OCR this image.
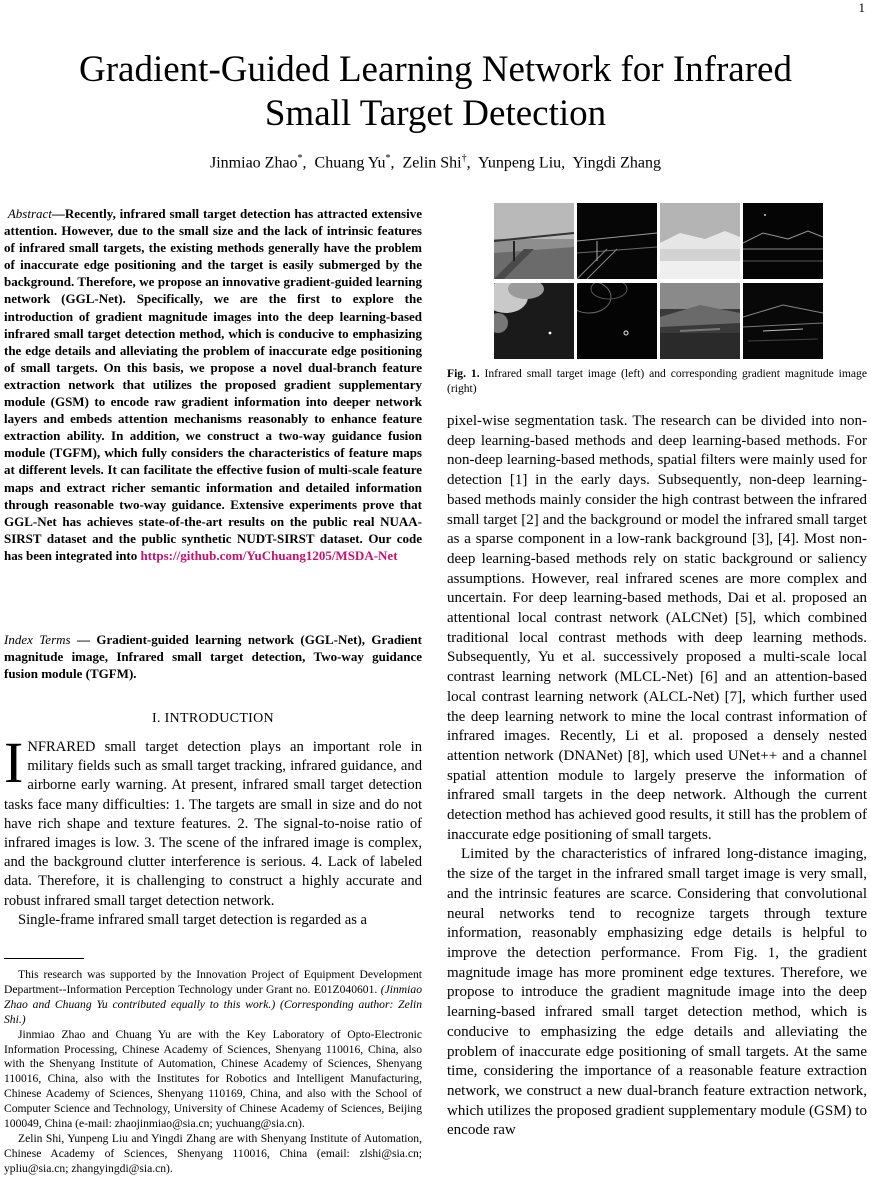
1
Gradient-Guided Learning Network for Infrared
Small Target Detection
Jinmiao Zhao*,  Chuang Yu*,  Zelin Shi†,  Yunpeng Liu,  Yingdi Zhang
Abstract—Recently, infrared small target detection has attracted extensive attention. However, due to the small size and the lack of intrinsic features of infrared small targets, the existing methods generally have the problem of inaccurate edge positioning and the target is easily submerged by the background. Therefore, we propose an innovative gradient-guided learning network (GGL-Net). Specifically, we are the first to explore the introduction of gradient magnitude images into the deep learning-based infrared small target detection method, which is conducive to emphasizing the edge details and alleviating the problem of inaccurate edge positioning of small targets. On this basis, we propose a novel dual-branch feature extraction network that utilizes the proposed gradient supplementary module (GSM) to encode raw gradient information into deeper network layers and embeds attention mechanisms reasonably to enhance feature extraction ability. In addition, we construct a two-way guidance fusion module (TGFM), which fully considers the characteristics of feature maps at different levels. It can facilitate the effective fusion of multi-scale feature maps and extract richer semantic information and detailed information through reasonable two-way guidance. Extensive experiments prove that GGL-Net has achieves state-of-the-art results on the public real NUAA-SIRST dataset and the public synthetic NUDT-SIRST dataset. Our code has been integrated into https://github.com/YuChuang1205/MSDA-Net
Index Terms — Gradient-guided learning network (GGL-Net), Gradient magnitude image, Infrared small target detection, Two-way guidance fusion module (TGFM).
I. INTRODUCTION

INFRARED small target detection plays an important role in military fields such as small target tracking, infrared guidance, and airborne early warning. At present, infrared small target detection tasks face many difficulties: 1. The targets are small in size and do not have rich shape and texture features. 2. The signal-to-noise ratio of infrared images is low. 3. The scene of the infrared image is complex, and the background clutter interference is serious. 4. Lack of labeled data. Therefore, it is challenging to construct a highly accurate and robust infrared small target detection network.

Single-frame infrared small target detection is regarded as a

This research was supported by the Innovation Project of Equipment Development Department--Information Perception Technology under Grant no. E01Z040601. (Jinmiao Zhao and Chuang Yu contributed equally to this work.) (Corresponding author: Zelin Shi.)

Jinmiao Zhao and Chuang Yu are with the Key Laboratory of Opto-Electronic Information Processing, Chinese Academy of Sciences, Shenyang 110016, China, also with the Shenyang Institute of Automation, Chinese Academy of Sciences, Shenyang 110016, China, also with the Institutes for Robotics and Intelligent Manufacturing, Chinese Academy of Sciences, Shenyang 110169, China, and also with the School of Computer Science and Technology, University of Chinese Academy of Sciences, Beijing 100049, China (e-mail: zhaojinmiao@sia.cn; yuchuang@sia.cn).

Zelin Shi, Yunpeng Liu and Yingdi Zhang are with Shenyang Institute of Automation, Chinese Academy of Sciences, Shenyang 110016, China (email: zlshi@sia.cn; ypliu@sia.cn; zhangyingdi@sia.cn).

Fig. 1. Infrared small target image (left) and corresponding gradient magnitude image (right)

pixel-wise segmentation task. The research can be divided into non-deep learning-based methods and deep learning-based methods. For non-deep learning-based methods, spatial filters were mainly used for detection [1] in the early days. Subsequently, non-deep learning-based methods mainly consider the high contrast between the infrared small target [2] and the background or model the infrared small target as a sparse component in a low-rank background [3], [4]. Most non-deep learning-based methods rely on static background or saliency assumptions. However, real infrared scenes are more complex and uncertain. For deep learning-based methods, Dai et al. proposed an attentional local contrast network (ALCNet) [5], which combined traditional local contrast methods with deep learning methods. Subsequently, Yu et al. successively proposed a multi-scale local contrast learning network (MLCL-Net) [6] and an attention-based local contrast learning network (ALCL-Net) [7], which further used the deep learning network to mine the local contrast information of infrared images. Recently, Li et al. proposed a densely nested attention network (DNANet) [8], which used UNet++ and a channel spatial attention module to largely preserve the information of infrared small targets in the deep network. Although the current detection method has achieved good results, it still has the problem of inaccurate edge positioning of small targets.

Limited by the characteristics of infrared long-distance imaging, the size of the target in the infrared small target image is very small, and the intrinsic features are scarce. Considering that convolutional neural networks tend to recognize targets through texture information, reasonably emphasizing edge details is helpful to improve the detection performance. From Fig. 1, the gradient magnitude image has more prominent edge textures. Therefore, we propose to introduce the gradient magnitude image into the deep learning-based infrared small target detection method, which is conducive to emphasizing the edge details and alleviating the problem of inaccurate edge positioning of small targets. At the same time, considering the importance of a reasonable feature extraction network, we construct a new dual-branch feature extraction network, which utilizes the proposed gradient supplementary module (GSM) to encode raw
